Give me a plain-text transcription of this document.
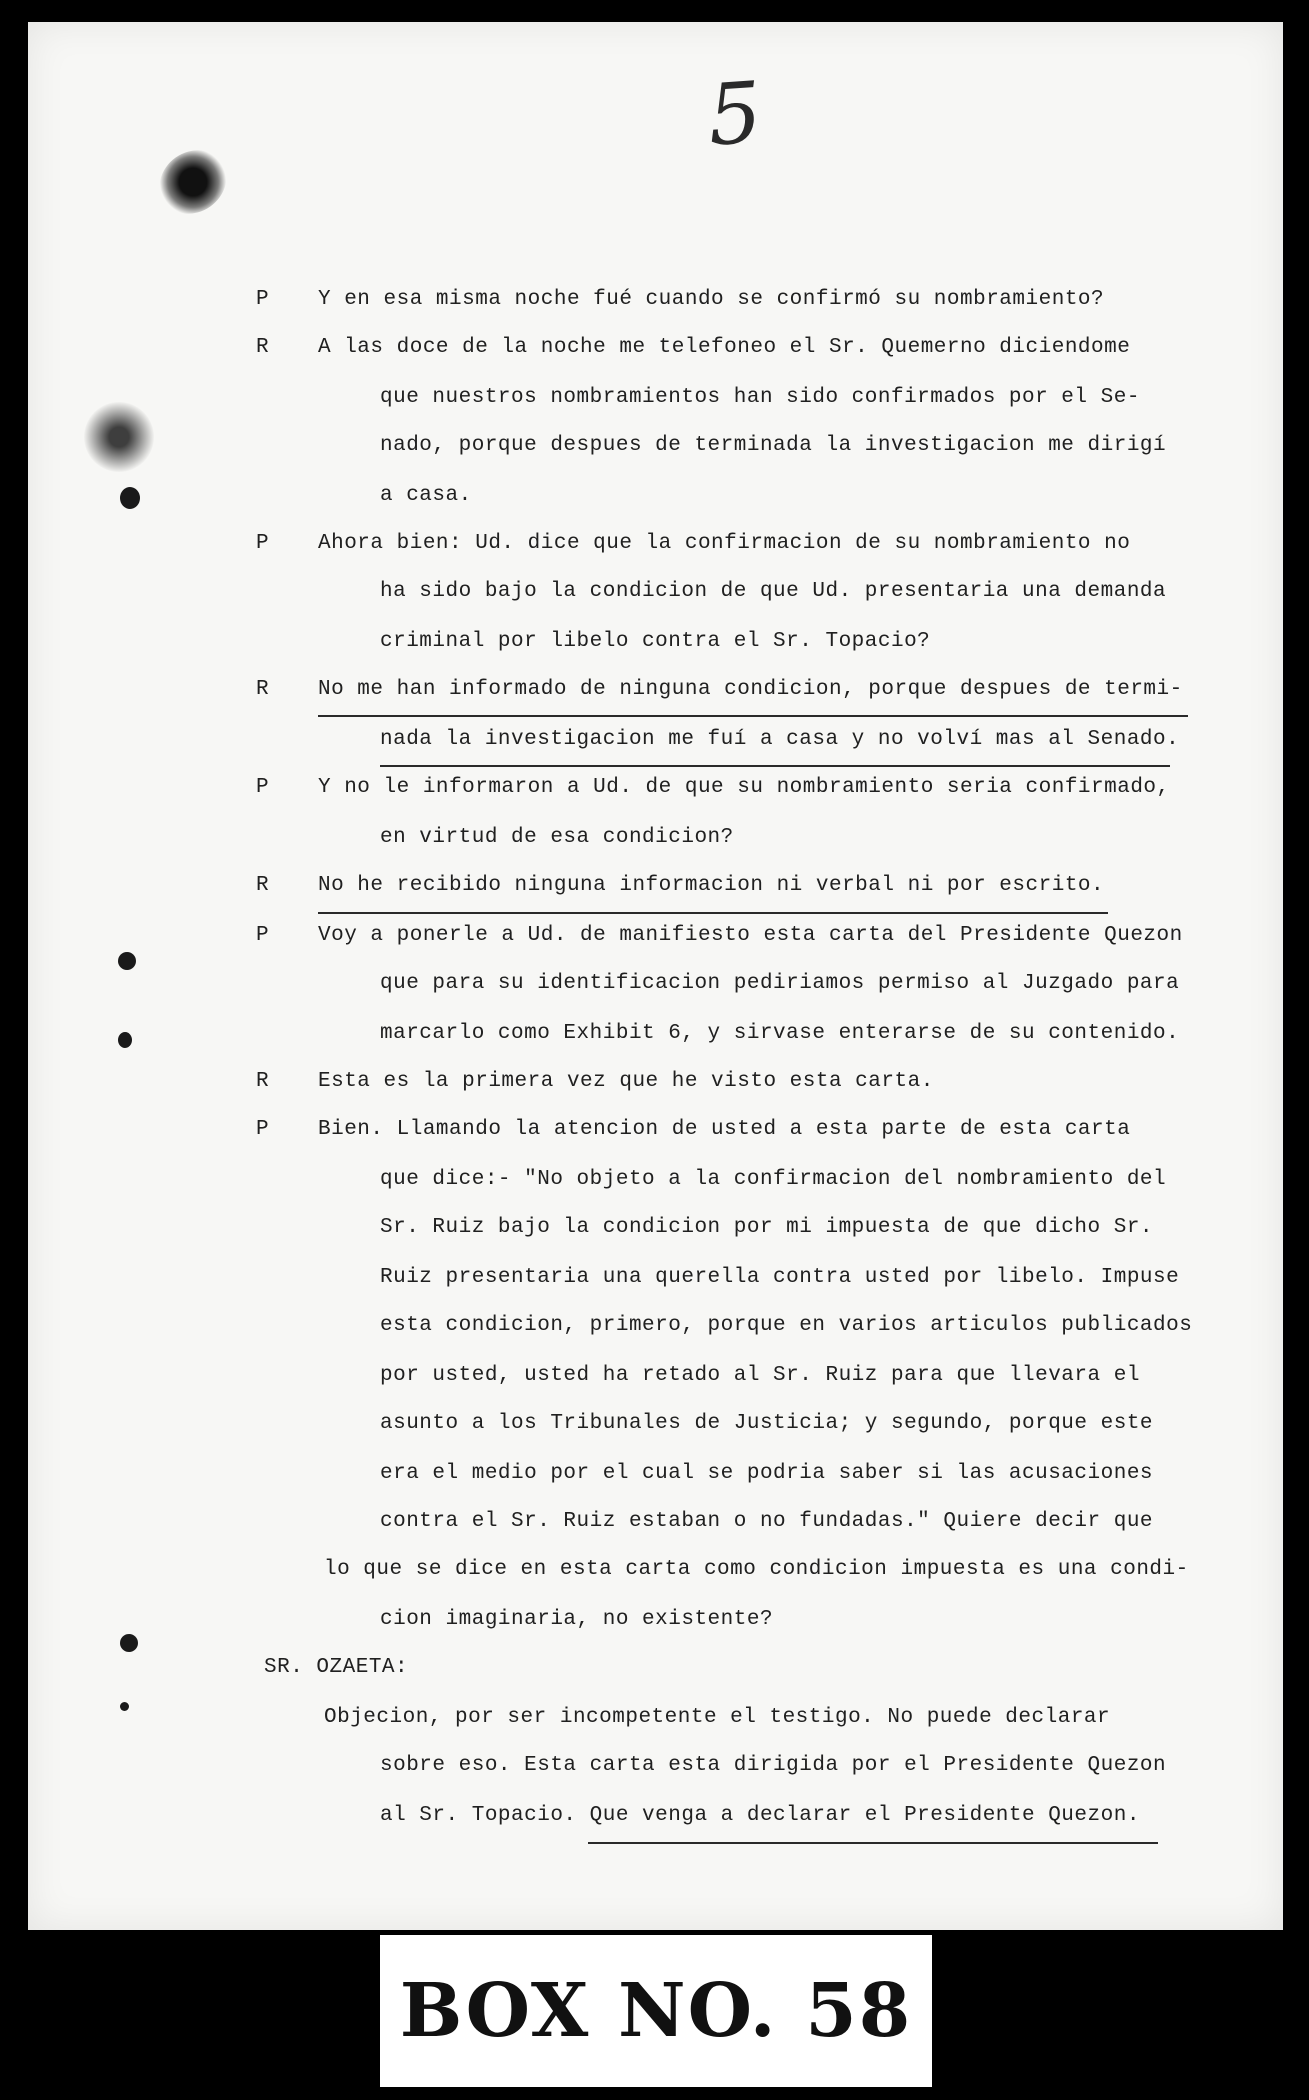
5
P Y en esa misma noche fué cuando se confirmó su nombramiento?
R A las doce de la noche me telefoneo el Sr. Quemerno diciendome
que nuestros nombramientos han sido confirmados por el Se-
nado, porque despues de terminada la investigacion me dirigí
a casa.
P Ahora bien: Ud. dice que la confirmacion de su nombramiento no
ha sido bajo la condicion de que Ud. presentaria una demanda
criminal por libelo contra el Sr. Topacio?
R No me han informado de ninguna condicion, porque despues de termi-
nada la investigacion me fuí a casa y no volví mas al Senado.
P Y no le informaron a Ud. de que su nombramiento seria confirmado,
en virtud de esa condicion?
R No he recibido ninguna informacion ni verbal ni por escrito.
P Voy a ponerle a Ud. de manifiesto esta carta del Presidente Quezon
que para su identificacion pediriamos permiso al Juzgado para
marcarlo como Exhibit 6, y sirvase enterarse de su contenido.
R Esta es la primera vez que he visto esta carta.
P Bien. Llamando la atencion de usted a esta parte de esta carta
que dice:- "No objeto a la confirmacion del nombramiento del
Sr. Ruiz bajo la condicion por mi impuesta de que dicho Sr.
Ruiz presentaria una querella contra usted por libelo. Impuse
esta condicion, primero, porque en varios articulos publicados
por usted, usted ha retado al Sr. Ruiz para que llevara el
asunto a los Tribunales de Justicia; y segundo, porque este
era el medio por el cual se podria saber si las acusaciones
contra el Sr. Ruiz estaban o no fundadas." Quiere decir que
lo que se dice en esta carta como condicion impuesta es una condi-
cion imaginaria, no existente?
SR. OZAETA:
Objecion, por ser incompetente el testigo. No puede declarar
sobre eso. Esta carta esta dirigida por el Presidente Quezon
al Sr. Topacio. Que venga a declarar el Presidente Quezon.
BOX NO. 58
